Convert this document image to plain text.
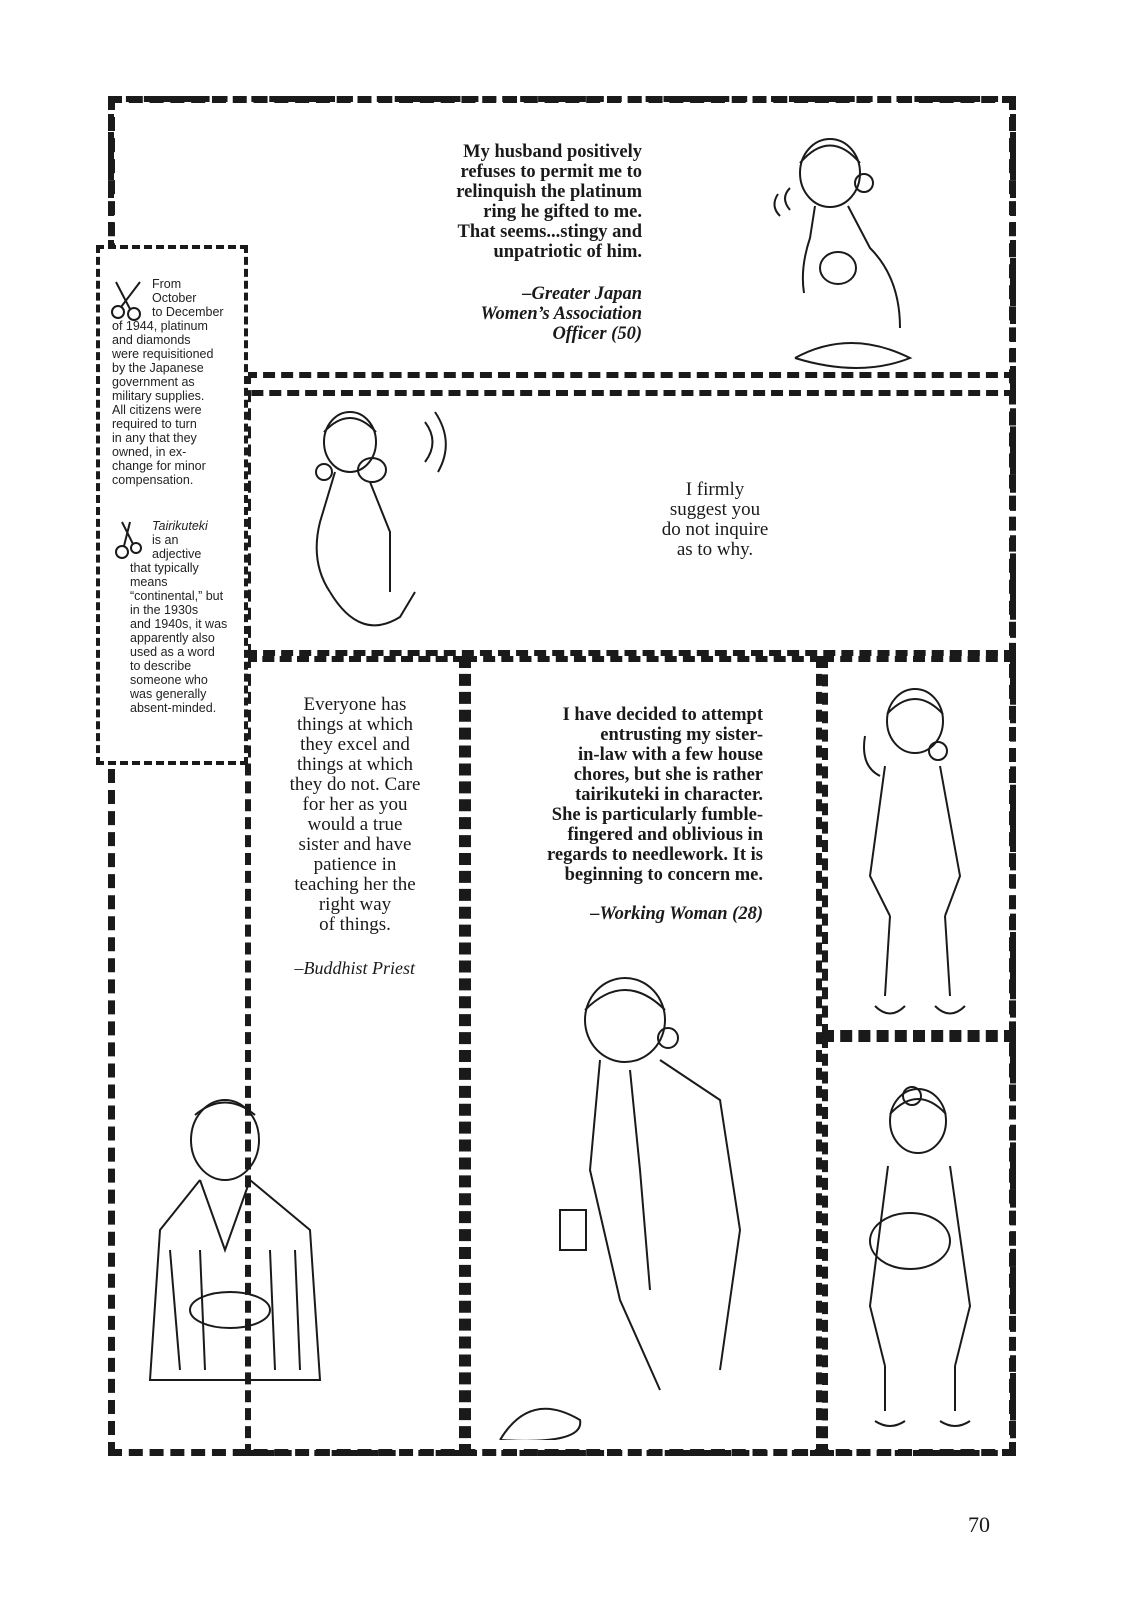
From
October
to December
of 1944, platinum
and diamonds
were requisitioned
by the Japanese
government as
military supplies.
All citizens were
required to turn
in any that they
owned, in ex-
change for minor
compensation.
Tairikuteki
is an
adjective
that typically
means
“continental,” but
in the 1930s
and 1940s, it was
apparently also
used as a word
to describe
someone who
was generally
absent-minded.
My husband positively
refuses to permit me to
relinquish the platinum
ring he gifted to me.
That seems...stingy and
unpatriotic of him.
–Greater Japan
Women’s Association
Officer (50)
I firmly
suggest you
do not inquire
as to why.
Everyone has
things at which
they excel and
things at which
they do not. Care
for her as you
would a true
sister and have
patience in
teaching her the
right way
of things.
–Buddhist Priest
I have decided to attempt
entrusting my sister-
in-law with a few house
chores, but she is rather
tairikuteki in character.
She is particularly fumble-
fingered and oblivious in
regards to needlework. It is
beginning to concern me.
–Working Woman (28)
70
